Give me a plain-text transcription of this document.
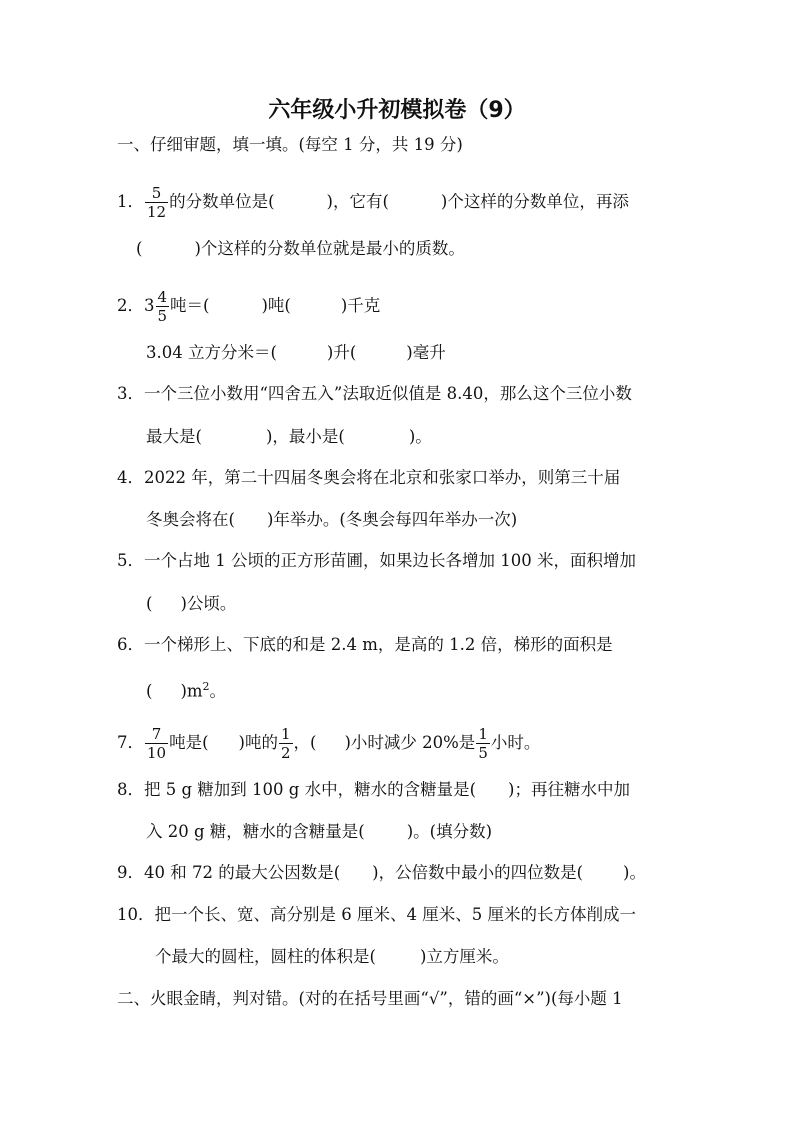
六年级小升初模拟卷（9）
一、仔细审题，填一填。(每空 1 分，共 19 分)
1． $\frac{5}{12}$ 的分数单位是(	)，它有(	)个这样的分数单位，再添
(	)个这样的分数单位就是最小的质数。
2．$3 \frac{4}{5}$ 吨＝(	)吨(	)千克
3.04 立方分米＝(	)升(	)毫升
3．一个三位小数用“四舍五入”法取近似值是 8.40，那么这个三位小数
最大是(	)，最小是(	)。
4．2022 年，第二十四届冬奥会将在北京和张家口举办，则第三十届
冬奥会将在( )年举办。(冬奥会每四年举办一次)
5．一个占地 1 公顷的正方形苗圃，如果边长各增加 100 米，面积增加
( )公顷。
6．一个梯形上、下底的和是 2.4 m，是高的 1.2 倍，梯形的面积是
( )$m^2$。
7． $\frac{7}{10}$ 吨是( )吨的 $\frac{1}{2}$ ，( )小时减少 20%是 $\frac{1}{5}$ 小时。
8．把 5 g 糖加到 100 g 水中，糖水的含糖量是( )；再往糖水中加
入 20 g 糖，糖水的含糖量是(	)。(填分数)
9．40 和 72 的最大公因数是( )，公倍数中最小的四位数是( )。
10．把一个长、宽、高分别是 6 厘米、4 厘米、5 厘米的长方体削成一
个最大的圆柱，圆柱的体积是(	)立方厘米。
二、火眼金睛，判对错。(对的在括号里画“√”，错的画“×”)(每小题 1
